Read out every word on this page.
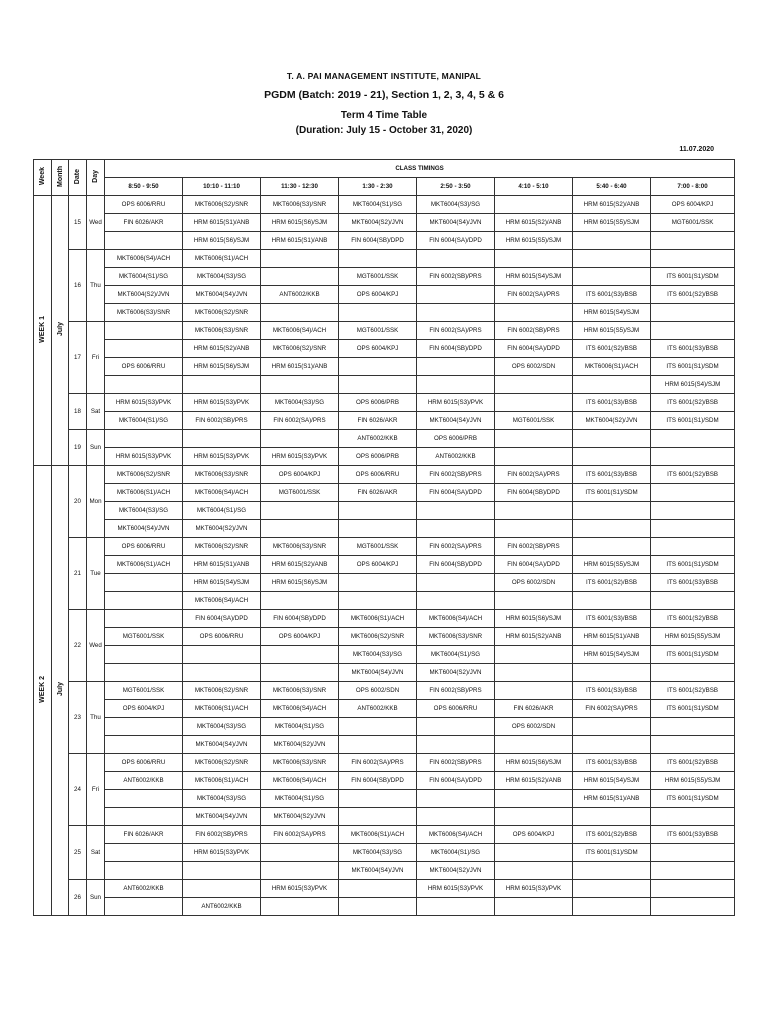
T. A. PAI MANAGEMENT INSTITUTE, MANIPAL
PGDM (Batch: 2019 - 21), Section 1, 2, 3, 4, 5 & 6
Term 4 Time Table
(Duration: July 15 - October 31, 2020)
11.07.2020
Week	Month	Date	Day	CLASS TIMINGS							
				8:50 - 9:50	10:10 - 11:10	11:30 - 12:30	1:30 - 2:30	2:50 - 3:50	4:10 - 5:10	5:40 - 6:40	7:00 - 8:00
WEEK 1	July	15	Wed	OPS 6006/RRU	MKT6006(S2)/SNR	MKT6006(S3)/SNR	MKT6004(S1)/SG	MKT6004(S3)/SG		HRM 6015(S2)/ANB	OPS 6004/KPJ
				FIN 6026/AKR	HRM 6015(S1)/ANB	HRM 6015(S6)/SJM	MKT6004(S2)/JVN	MKT6004(S4)/JVN	HRM 6015(S2)/ANB	HRM 6015(S5)/SJM	MGT6001/SSK
					HRM 6015(S6)/SJM	HRM 6015(S1)/ANB	FIN 6004(SB)/DPD	FIN 6004(SA)/DPD	HRM 6015(S5)/SJM		
		16	Thu	MKT6006(S4)/ACH	MKT6006(S1)/ACH						
				MKT6004(S1)/SG	MKT6004(S3)/SG		MGT6001/SSK	FIN 6002(SB)/PRS	HRM 6015(S4)/SJM		ITS 6001(S1)/SDM
				MKT6004(S2)/JVN	MKT6004(S4)/JVN	ANT6002/KKB	OPS 6004/KPJ		FIN 6002(SA)/PRS	ITS 6001(S3)/BSB	ITS 6001(S2)/BSB
				MKT6006(S3)/SNR	MKT6006(S2)/SNR					HRM 6015(S4)/SJM	
		17	Fri		MKT6006(S3)/SNR	MKT6006(S4)/ACH	MGT6001/SSK	FIN 6002(SA)/PRS	FIN 6002(SB)/PRS	HRM 6015(S5)/SJM	
					HRM 6015(S2)/ANB	MKT6006(S2)/SNR	OPS 6004/KPJ	FIN 6004(SB)/DPD	FIN 6004(SA)/DPD	ITS 6001(S2)/BSB	ITS 6001(S3)/BSB
				OPS 6006/RRU	HRM 6015(S6)/SJM	HRM 6015(S1)/ANB			OPS 6002/SDN	MKT6006(S1)/ACH	ITS 6001(S1)/SDM
											HRM 6015(S4)/SJM
		18	Sat	HRM 6015(S3)/PVK	HRM 6015(S3)/PVK	MKT6004(S3)/SG	OPS 6006/PRB	HRM 6015(S3)/PVK		ITS 6001(S3)/BSB	ITS 6001(S2)/BSB
				MKT6004(S1)/SG	FIN 6002(SB)/PRS	FIN 6002(SA)/PRS	FIN 6026/AKR	MKT6004(S4)/JVN	MGT6001/SSK	MKT6004(S2)/JVN	ITS 6001(S1)/SDM
		19	Sun				ANT6002/KKB	OPS 6006/PRB			
				HRM 6015(S3)/PVK	HRM 6015(S3)/PVK	HRM 6015(S3)/PVK	OPS 6006/PRB	ANT6002/KKB			
WEEK 2	July	20	Mon	MKT6006(S2)/SNR	MKT6006(S3)/SNR	OPS 6004/KPJ	OPS 6006/RRU	FIN 6002(SB)/PRS	FIN 6002(SA)/PRS	ITS 6001(S3)/BSB	ITS 6001(S2)/BSB
				MKT6006(S1)/ACH	MKT6006(S4)/ACH	MGT6001/SSK	FIN 6026/AKR	FIN 6004(SA)/DPD	FIN 6004(SB)/DPD	ITS 6001(S1)/SDM	
				MKT6004(S3)/SG	MKT6004(S1)/SG						
				MKT6004(S4)/JVN	MKT6004(S2)/JVN						
		21	Tue	OPS 6006/RRU	MKT6006(S2)/SNR	MKT6006(S3)/SNR	MGT6001/SSK	FIN 6002(SA)/PRS	FIN 6002(SB)/PRS		
				MKT6006(S1)/ACH	HRM 6015(S1)/ANB	HRM 6015(S2)/ANB	OPS 6004/KPJ	FIN 6004(SB)/DPD	FIN 6004(SA)/DPD	HRM 6015(S5)/SJM	ITS 6001(S1)/SDM
					HRM 6015(S4)/SJM	HRM 6015(S6)/SJM			OPS 6002/SDN	ITS 6001(S2)/BSB	ITS 6001(S3)/BSB
					MKT6006(S4)/ACH						
		22	Wed		FIN 6004(SA)/DPD	FIN 6004(SB)/DPD	MKT6006(S1)/ACH	MKT6006(S4)/ACH	HRM 6015(S6)/SJM	ITS 6001(S3)/BSB	ITS 6001(S2)/BSB
				MGT6001/SSK	OPS 6006/RRU	OPS 6004/KPJ	MKT6006(S2)/SNR	MKT6006(S3)/SNR	HRM 6015(S2)/ANB	HRM 6015(S1)/ANB	HRM 6015(S5)/SJM
							MKT6004(S3)/SG	MKT6004(S1)/SG		HRM 6015(S4)/SJM	ITS 6001(S1)/SDM
							MKT6004(S4)/JVN	MKT6004(S2)/JVN			
		23	Thu	MGT6001/SSK	MKT6006(S2)/SNR	MKT6006(S3)/SNR	OPS 6002/SDN	FIN 6002(SB)/PRS		ITS 6001(S3)/BSB	ITS 6001(S2)/BSB
				OPS 6004/KPJ	MKT6006(S1)/ACH	MKT6006(S4)/ACH	ANT6002/KKB	OPS 6006/RRU	FIN 6026/AKR	FIN 6002(SA)/PRS	ITS 6001(S1)/SDM
					MKT6004(S3)/SG	MKT6004(S1)/SG			OPS 6002/SDN		
					MKT6004(S4)/JVN	MKT6004(S2)/JVN					
		24	Fri	OPS 6006/RRU	MKT6006(S2)/SNR	MKT6006(S3)/SNR	FIN 6002(SA)/PRS	FIN 6002(SB)/PRS	HRM 6015(S6)/SJM	ITS 6001(S3)/BSB	ITS 6001(S2)/BSB
				ANT6002/KKB	MKT6006(S1)/ACH	MKT6006(S4)/ACH	FIN 6004(SB)/DPD	FIN 6004(SA)/DPD	HRM 6015(S2)/ANB	HRM 6015(S4)/SJM	HRM 6015(S5)/SJM
					MKT6004(S3)/SG	MKT6004(S1)/SG				HRM 6015(S1)/ANB	ITS 6001(S1)/SDM
					MKT6004(S4)/JVN	MKT6004(S2)/JVN					
		25	Sat	FIN 6026/AKR	FIN 6002(SB)/PRS	FIN 6002(SA)/PRS	MKT6006(S1)/ACH	MKT6006(S4)/ACH	OPS 6004/KPJ	ITS 6001(S2)/BSB	ITS 6001(S3)/BSB
					HRM 6015(S3)/PVK		MKT6004(S3)/SG	MKT6004(S1)/SG		ITS 6001(S1)/SDM	
							MKT6004(S4)/JVN	MKT6004(S2)/JVN			
		26	Sun	ANT6002/KKB		HRM 6015(S3)/PVK		HRM 6015(S3)/PVK	HRM 6015(S3)/PVK		
					ANT6002/KKB						
